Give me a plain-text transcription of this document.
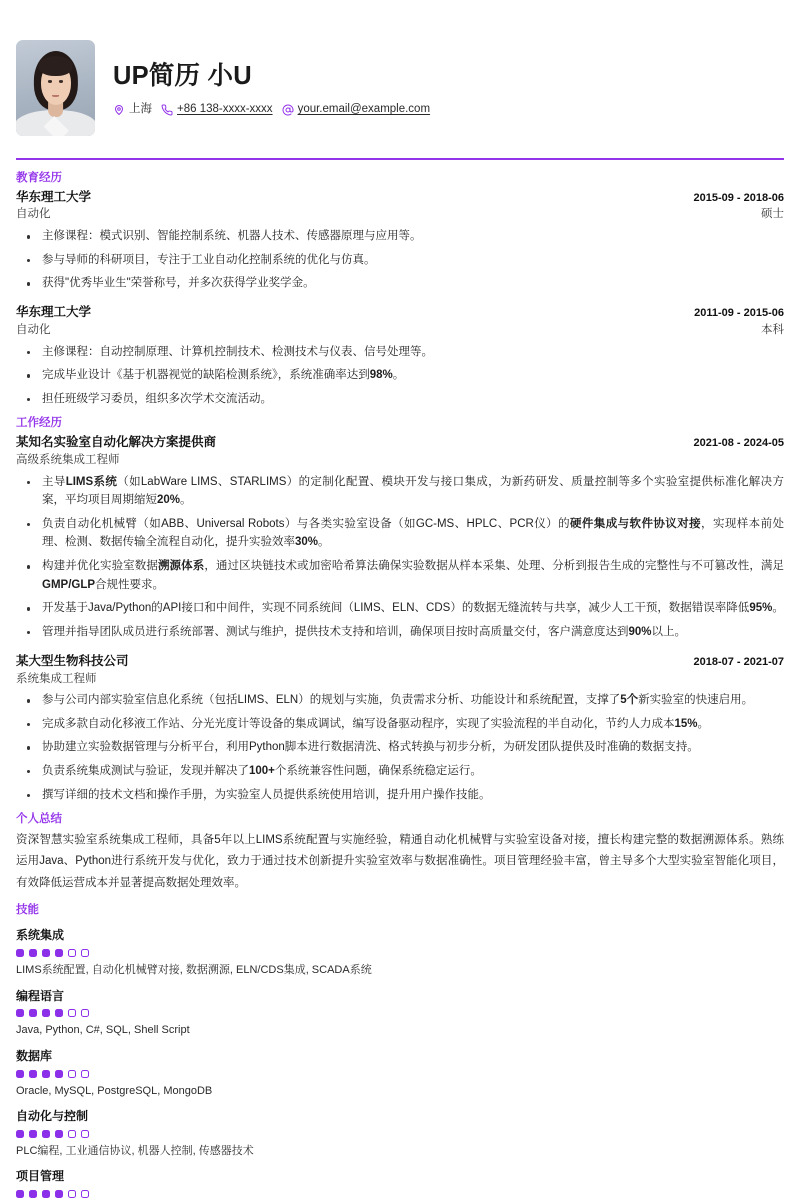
UP简历 小U
上海 +86 138-xxxx-xxxx your.email@example.com
教育经历
华东理工大学	2015-09 - 2018-06
自动化	硕士
主修课程：模式识别、智能控制系统、机器人技术、传感器原理与应用等。
参与导师的科研项目，专注于工业自动化控制系统的优化与仿真。
获得"优秀毕业生"荣誉称号，并多次获得学业奖学金。
华东理工大学	2011-09 - 2015-06
自动化	本科
主修课程：自动控制原理、计算机控制技术、检测技术与仪表、信号处理等。
完成毕业设计《基于机器视觉的缺陷检测系统》，系统准确率达到98%。
担任班级学习委员，组织多次学术交流活动。
工作经历
某知名实验室自动化解决方案提供商	2021-08 - 2024-05
高级系统集成工程师
主导LIMS系统（如LabWare LIMS、STARLIMS）的定制化配置、模块开发与接口集成，为新药研发、质量控制等多个实验室提供标准化解决方案，平均项目周期缩短20%。
负责自动化机械臂（如ABB、Universal Robots）与各类实验室设备（如GC-MS、HPLC、PCR仪）的硬件集成与软件协议对接，实现样本前处理、检测、数据传输全流程自动化，提升实验效率30%。
构建并优化实验室数据溯源体系，通过区块链技术或加密哈希算法确保实验数据从样本采集、处理、分析到报告生成的完整性与不可篡改性，满足GMP/GLP合规性要求。
开发基于Java/Python的API接口和中间件，实现不同系统间（LIMS、ELN、CDS）的数据无缝流转与共享，减少人工干预，数据错误率降低95%。
管理并指导团队成员进行系统部署、测试与维护，提供技术支持和培训，确保项目按时高质量交付，客户满意度达到90%以上。
某大型生物科技公司	2018-07 - 2021-07
系统集成工程师
参与公司内部实验室信息化系统（包括LIMS、ELN）的规划与实施，负责需求分析、功能设计和系统配置，支撑了5个新实验室的快速启用。
完成多款自动化移液工作站、分光光度计等设备的集成调试，编写设备驱动程序，实现了实验流程的半自动化，节约人力成本15%。
协助建立实验数据管理与分析平台，利用Python脚本进行数据清洗、格式转换与初步分析，为研发团队提供及时准确的数据支持。
负责系统集成测试与验证，发现并解决了100+个系统兼容性问题，确保系统稳定运行。
撰写详细的技术文档和操作手册，为实验室人员提供系统使用培训，提升用户操作技能。
个人总结

资深智慧实验室系统集成工程师，具备5年以上LIMS系统配置与实施经验，精通自动化机械臂与实验室设备对接，擅长构建完整的数据溯源体系。熟练运用Java、Python进行系统开发与优化，致力于通过技术创新提升实验室效率与数据准确性。项目管理经验丰富，曾主导多个大型实验室智能化项目，有效降低运营成本并显著提高数据处理效率。

技能
系统集成
LIMS系统配置, 自动化机械臂对接, 数据溯源, ELN/CDS集成, SCADA系统
编程语言
Java, Python, C#, SQL, Shell Script
数据库
Oracle, MySQL, PostgreSQL, MongoDB
自动化与控制
PLC编程, 工业通信协议, 机器人控制, 传感器技术
项目管理
